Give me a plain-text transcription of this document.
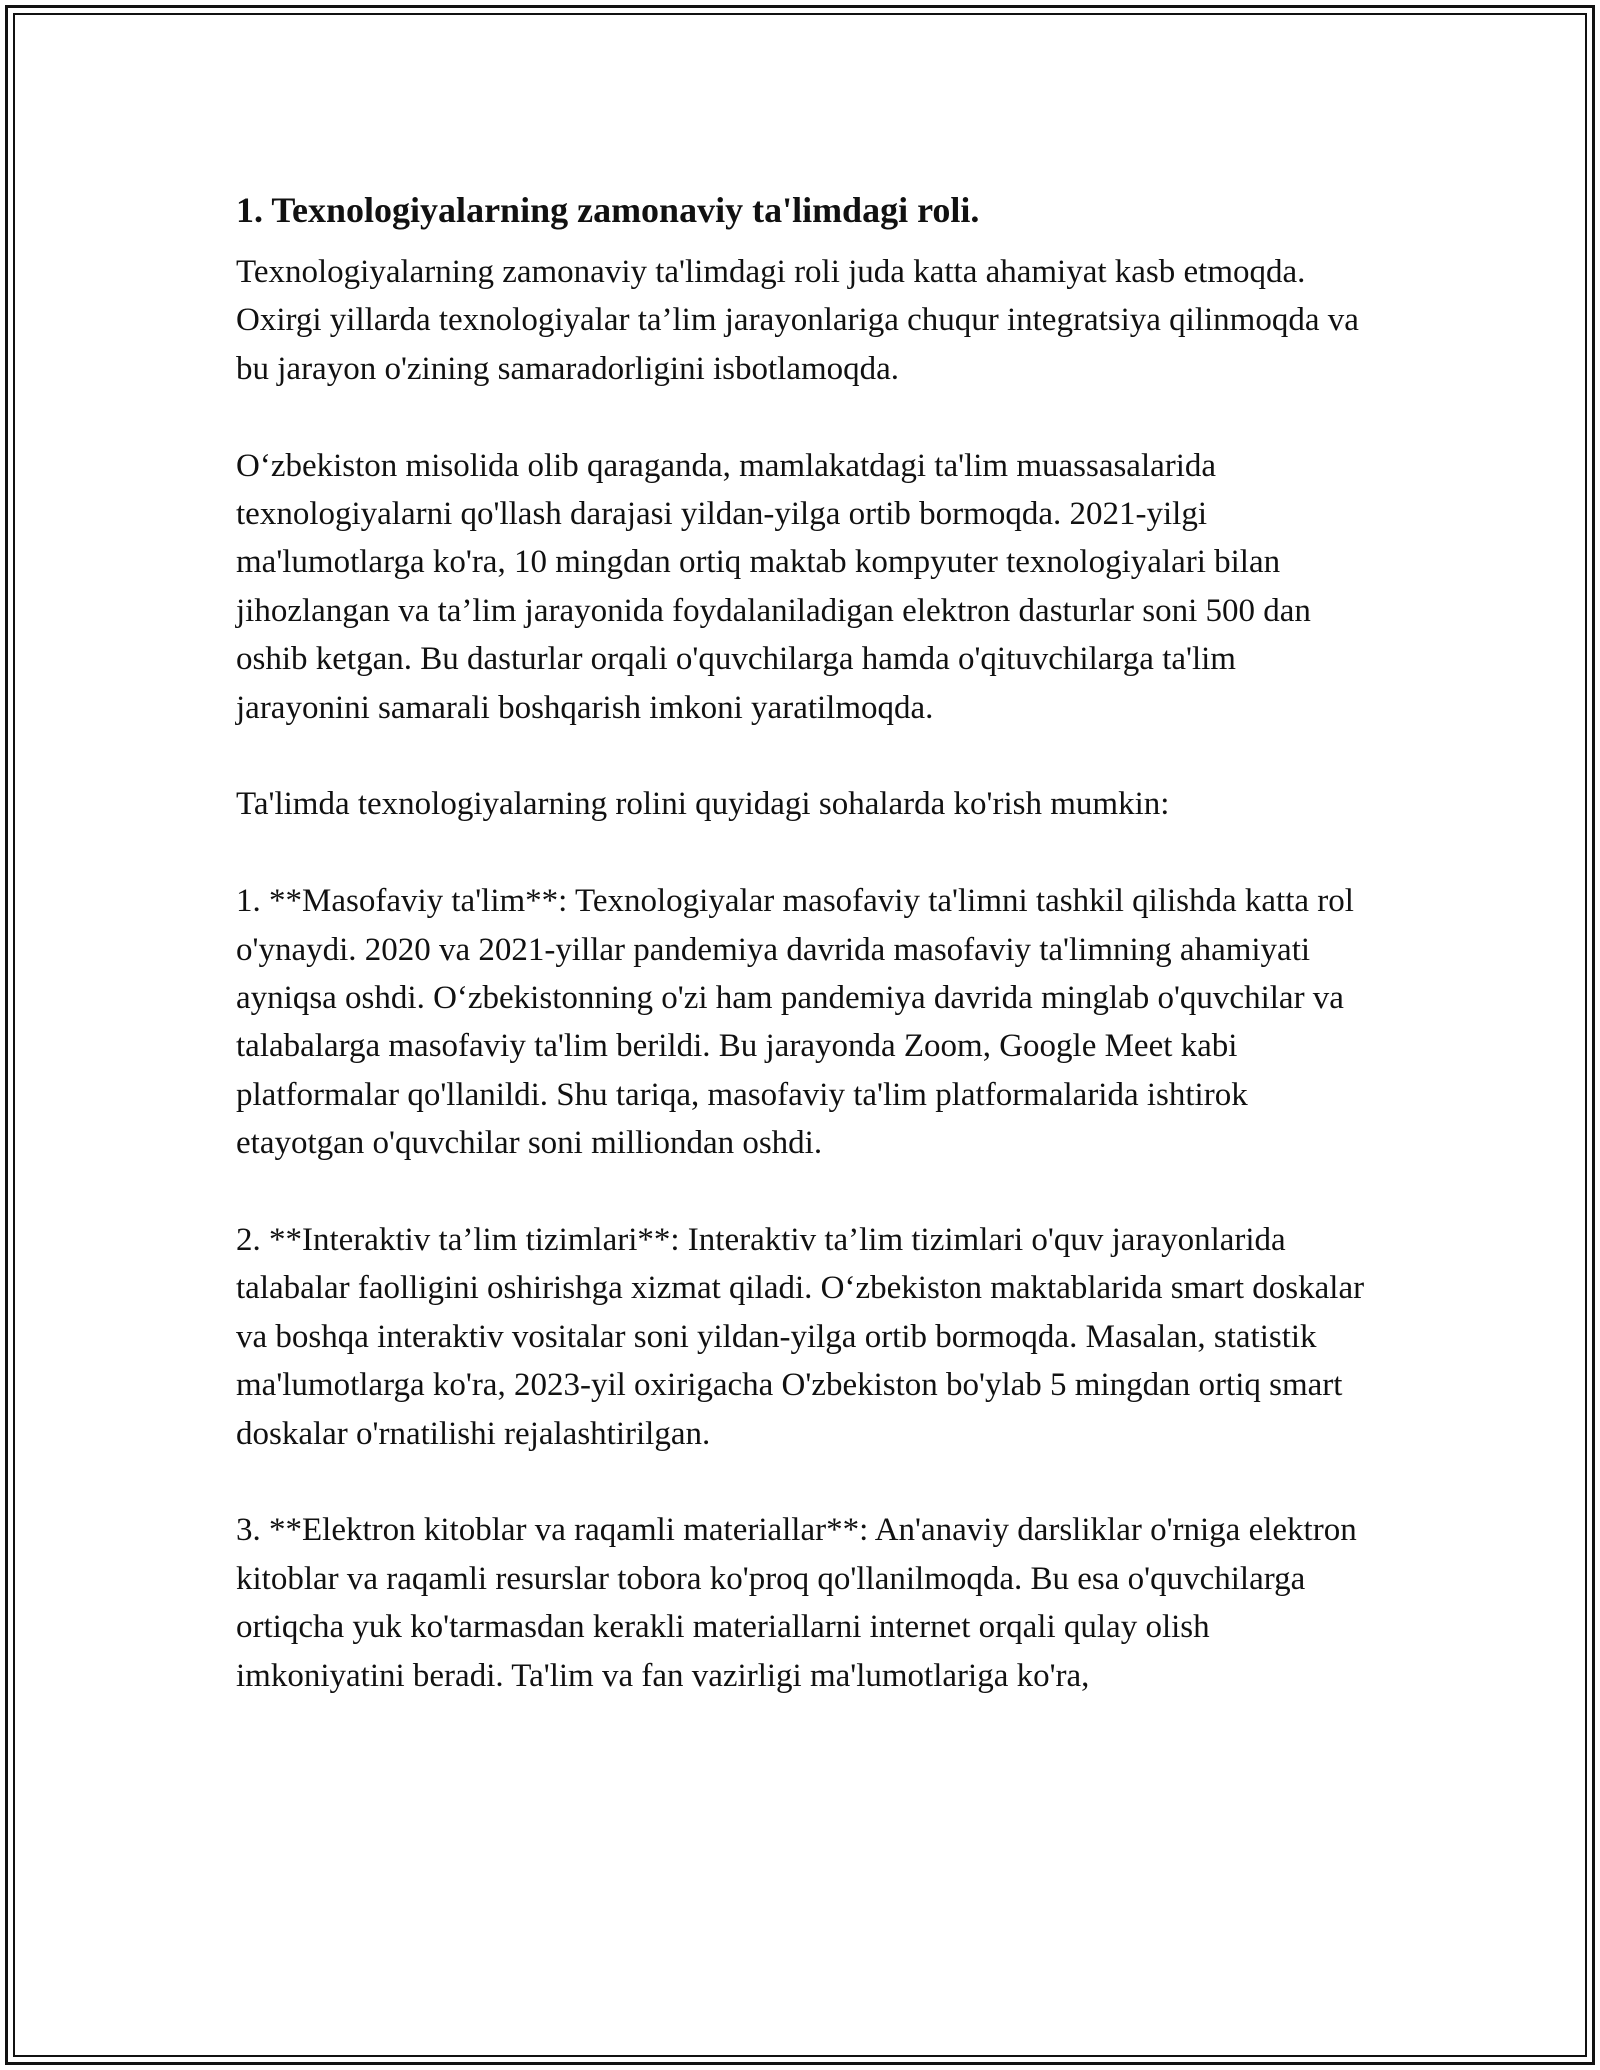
1. Texnologiyalarning zamonaviy ta'limdagi roli.

Texnologiyalarning zamonaviy ta'limdagi roli juda katta ahamiyat kasb etmoqda. Oxirgi yillarda texnologiyalar ta’lim jarayonlariga chuqur integratsiya qilinmoqda va bu jarayon o'zining samaradorligini isbotlamoqda.

O‘zbekiston misolida olib qaraganda, mamlakatdagi ta'lim muassasalarida texnologiyalarni qo'llash darajasi yildan-yilga ortib bormoqda. 2021-yilgi ma'lumotlarga ko'ra, 10 mingdan ortiq maktab kompyuter texnologiyalari bilan jihozlangan va ta’lim jarayonida foydalaniladigan elektron dasturlar soni 500 dan oshib ketgan. Bu dasturlar orqali o'quvchilarga hamda o'qituvchilarga ta'lim jarayonini samarali boshqarish imkoni yaratilmoqda.

Ta'limda texnologiyalarning rolini quyidagi sohalarda ko'rish mumkin:

1. **Masofaviy ta'lim**: Texnologiyalar masofaviy ta'limni tashkil qilishda katta rol o'ynaydi. 2020 va 2021-yillar pandemiya davrida masofaviy ta'limning ahamiyati ayniqsa oshdi. O‘zbekistonning o'zi ham pandemiya davrida minglab o'quvchilar va talabalarga masofaviy ta'lim berildi. Bu jarayonda Zoom, Google Meet kabi platformalar qo'llanildi. Shu tariqa, masofaviy ta'lim platformalarida ishtirok etayotgan o'quvchilar soni milliondan oshdi.

2. **Interaktiv ta’lim tizimlari**: Interaktiv ta’lim tizimlari o'quv jarayonlarida talabalar faolligini oshirishga xizmat qiladi. O‘zbekiston maktablarida smart doskalar va boshqa interaktiv vositalar soni yildan-yilga ortib bormoqda. Masalan, statistik ma'lumotlarga ko'ra, 2023-yil oxirigacha O'zbekiston bo'ylab 5 mingdan ortiq smart doskalar o'rnatilishi rejalashtirilgan.

3. **Elektron kitoblar va raqamli materiallar**: An'anaviy darsliklar o'rniga elektron kitoblar va raqamli resurslar tobora ko'proq qo'llanilmoqda. Bu esa o'quvchilarga ortiqcha yuk ko'tarmasdan kerakli materiallarni internet orqali qulay olish imkoniyatini beradi. Ta'lim va fan vazirligi ma'lumotlariga ko'ra,
